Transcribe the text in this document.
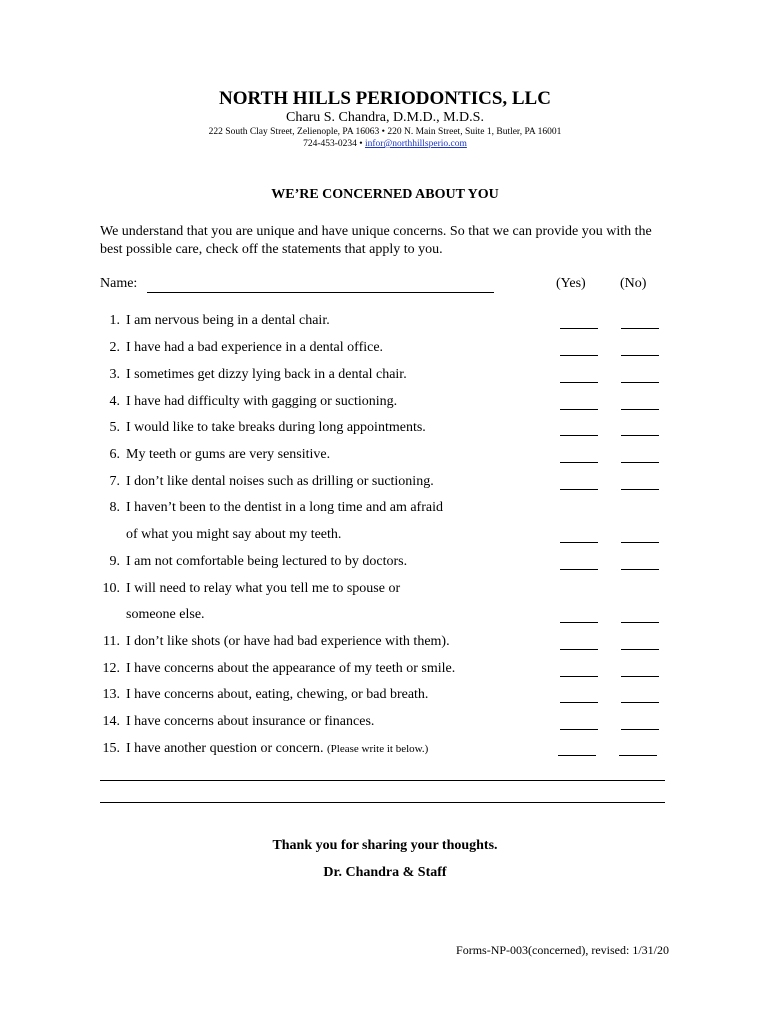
NORTH HILLS PERIODONTICS, LLC
Charu S. Chandra, D.M.D., M.D.S.
222 South Clay Street, Zelienople, PA 16063 • 220 N. Main Street, Suite 1, Butler, PA 16001
724-453-0234 • infor@northhillsperio.com
WE’RE CONCERNED ABOUT YOU
We understand that you are unique and have unique concerns. So that we can provide you with the best possible care, check off the statements that apply to you.
Name:	(Yes) (No)
1. I am nervous being in a dental chair.
2. I have had a bad experience in a dental office.
3. I sometimes get dizzy lying back in a dental chair.
4. I have had difficulty with gagging or suctioning.
5. I would like to take breaks during long appointments.
6. My teeth or gums are very sensitive.
7. I don’t like dental noises such as drilling or suctioning.
8. I haven’t been to the dentist in a long time and am afraid
of what you might say about my teeth.
9. I am not comfortable being lectured to by doctors.
10. I will need to relay what you tell me to spouse or
someone else.
11. I don’t like shots (or have had bad experience with them).
12. I have concerns about the appearance of my teeth or smile.
13. I have concerns about, eating, chewing, or bad breath.
14. I have concerns about insurance or finances.
15. I have another question or concern. (Please write it below.)
Thank you for sharing your thoughts.
Dr. Chandra & Staff
Forms-NP-003(concerned), revised: 1/31/20
